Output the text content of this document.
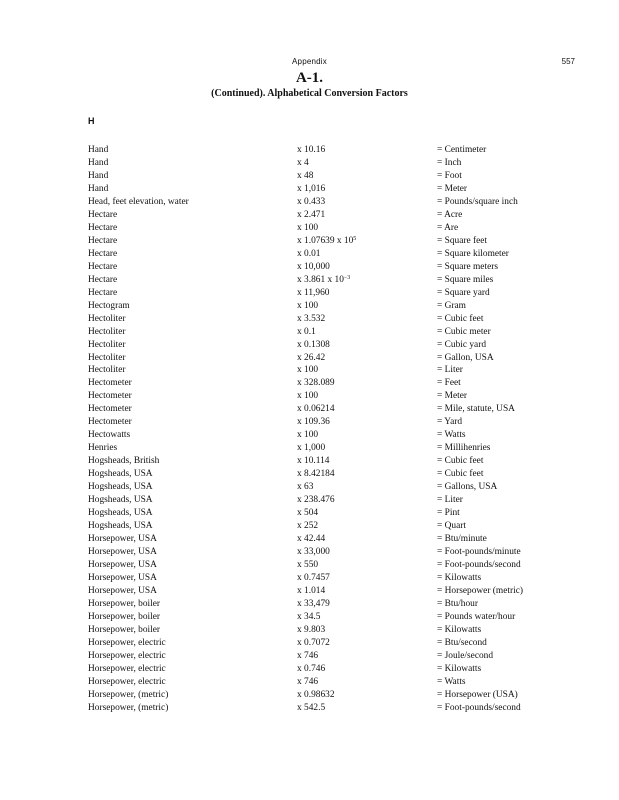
Appendix	557
A-1.
(Continued). Alphabetical Conversion Factors
H
Hand	x 10.16	= Centimeter
Hand	x 4	= Inch
Hand	x 48	= Foot
Hand	x 1,016	= Meter
Head, feet elevation, water	x 0.433	= Pounds/square inch
Hectare	x 2.471	= Acre
Hectare	x 100	= Are
Hectare	x 1.07639 x $10^5$	= Square feet
Hectare	x 0.01	= Square kilometer
Hectare	x 10,000	= Square meters
Hectare	x 3.861 x $10^{-3}$	= Square miles
Hectare	x 11,960	= Square yard
Hectogram	x 100	= Gram
Hectoliter	x 3.532	= Cubic feet
Hectoliter	x 0.1	= Cubic meter
Hectoliter	x 0.1308	= Cubic yard
Hectoliter	x 26.42	= Gallon, USA
Hectoliter	x 100	= Liter
Hectometer	x 328.089	= Feet
Hectometer	x 100	= Meter
Hectometer	x 0.06214	= Mile, statute, USA
Hectometer	x 109.36	= Yard
Hectowatts	x 100	= Watts
Henries	x 1,000	= Millihenries
Hogsheads, British	x 10.114	= Cubic feet
Hogsheads, USA	x 8.42184	= Cubic feet
Hogsheads, USA	x 63	= Gallons, USA
Hogsheads, USA	x 238.476	= Liter
Hogsheads, USA	x 504	= Pint
Hogsheads, USA	x 252	= Quart
Horsepower, USA	x 42.44	= Btu/minute
Horsepower, USA	x 33,000	= Foot-pounds/minute
Horsepower, USA	x 550	= Foot-pounds/second
Horsepower, USA	x 0.7457	= Kilowatts
Horsepower, USA	x 1.014	= Horsepower (metric)
Horsepower, boiler	x 33,479	= Btu/hour
Horsepower, boiler	x 34.5	= Pounds water/hour
Horsepower, boiler	x 9.803	= Kilowatts
Horsepower, electric	x 0.7072	= Btu/second
Horsepower, electric	x 746	= Joule/second
Horsepower, electric	x 0.746	= Kilowatts
Horsepower, electric	x 746	= Watts
Horsepower, (metric)	x 0.98632	= Horsepower (USA)
Horsepower, (metric)	x 542.5	= Foot-pounds/second
